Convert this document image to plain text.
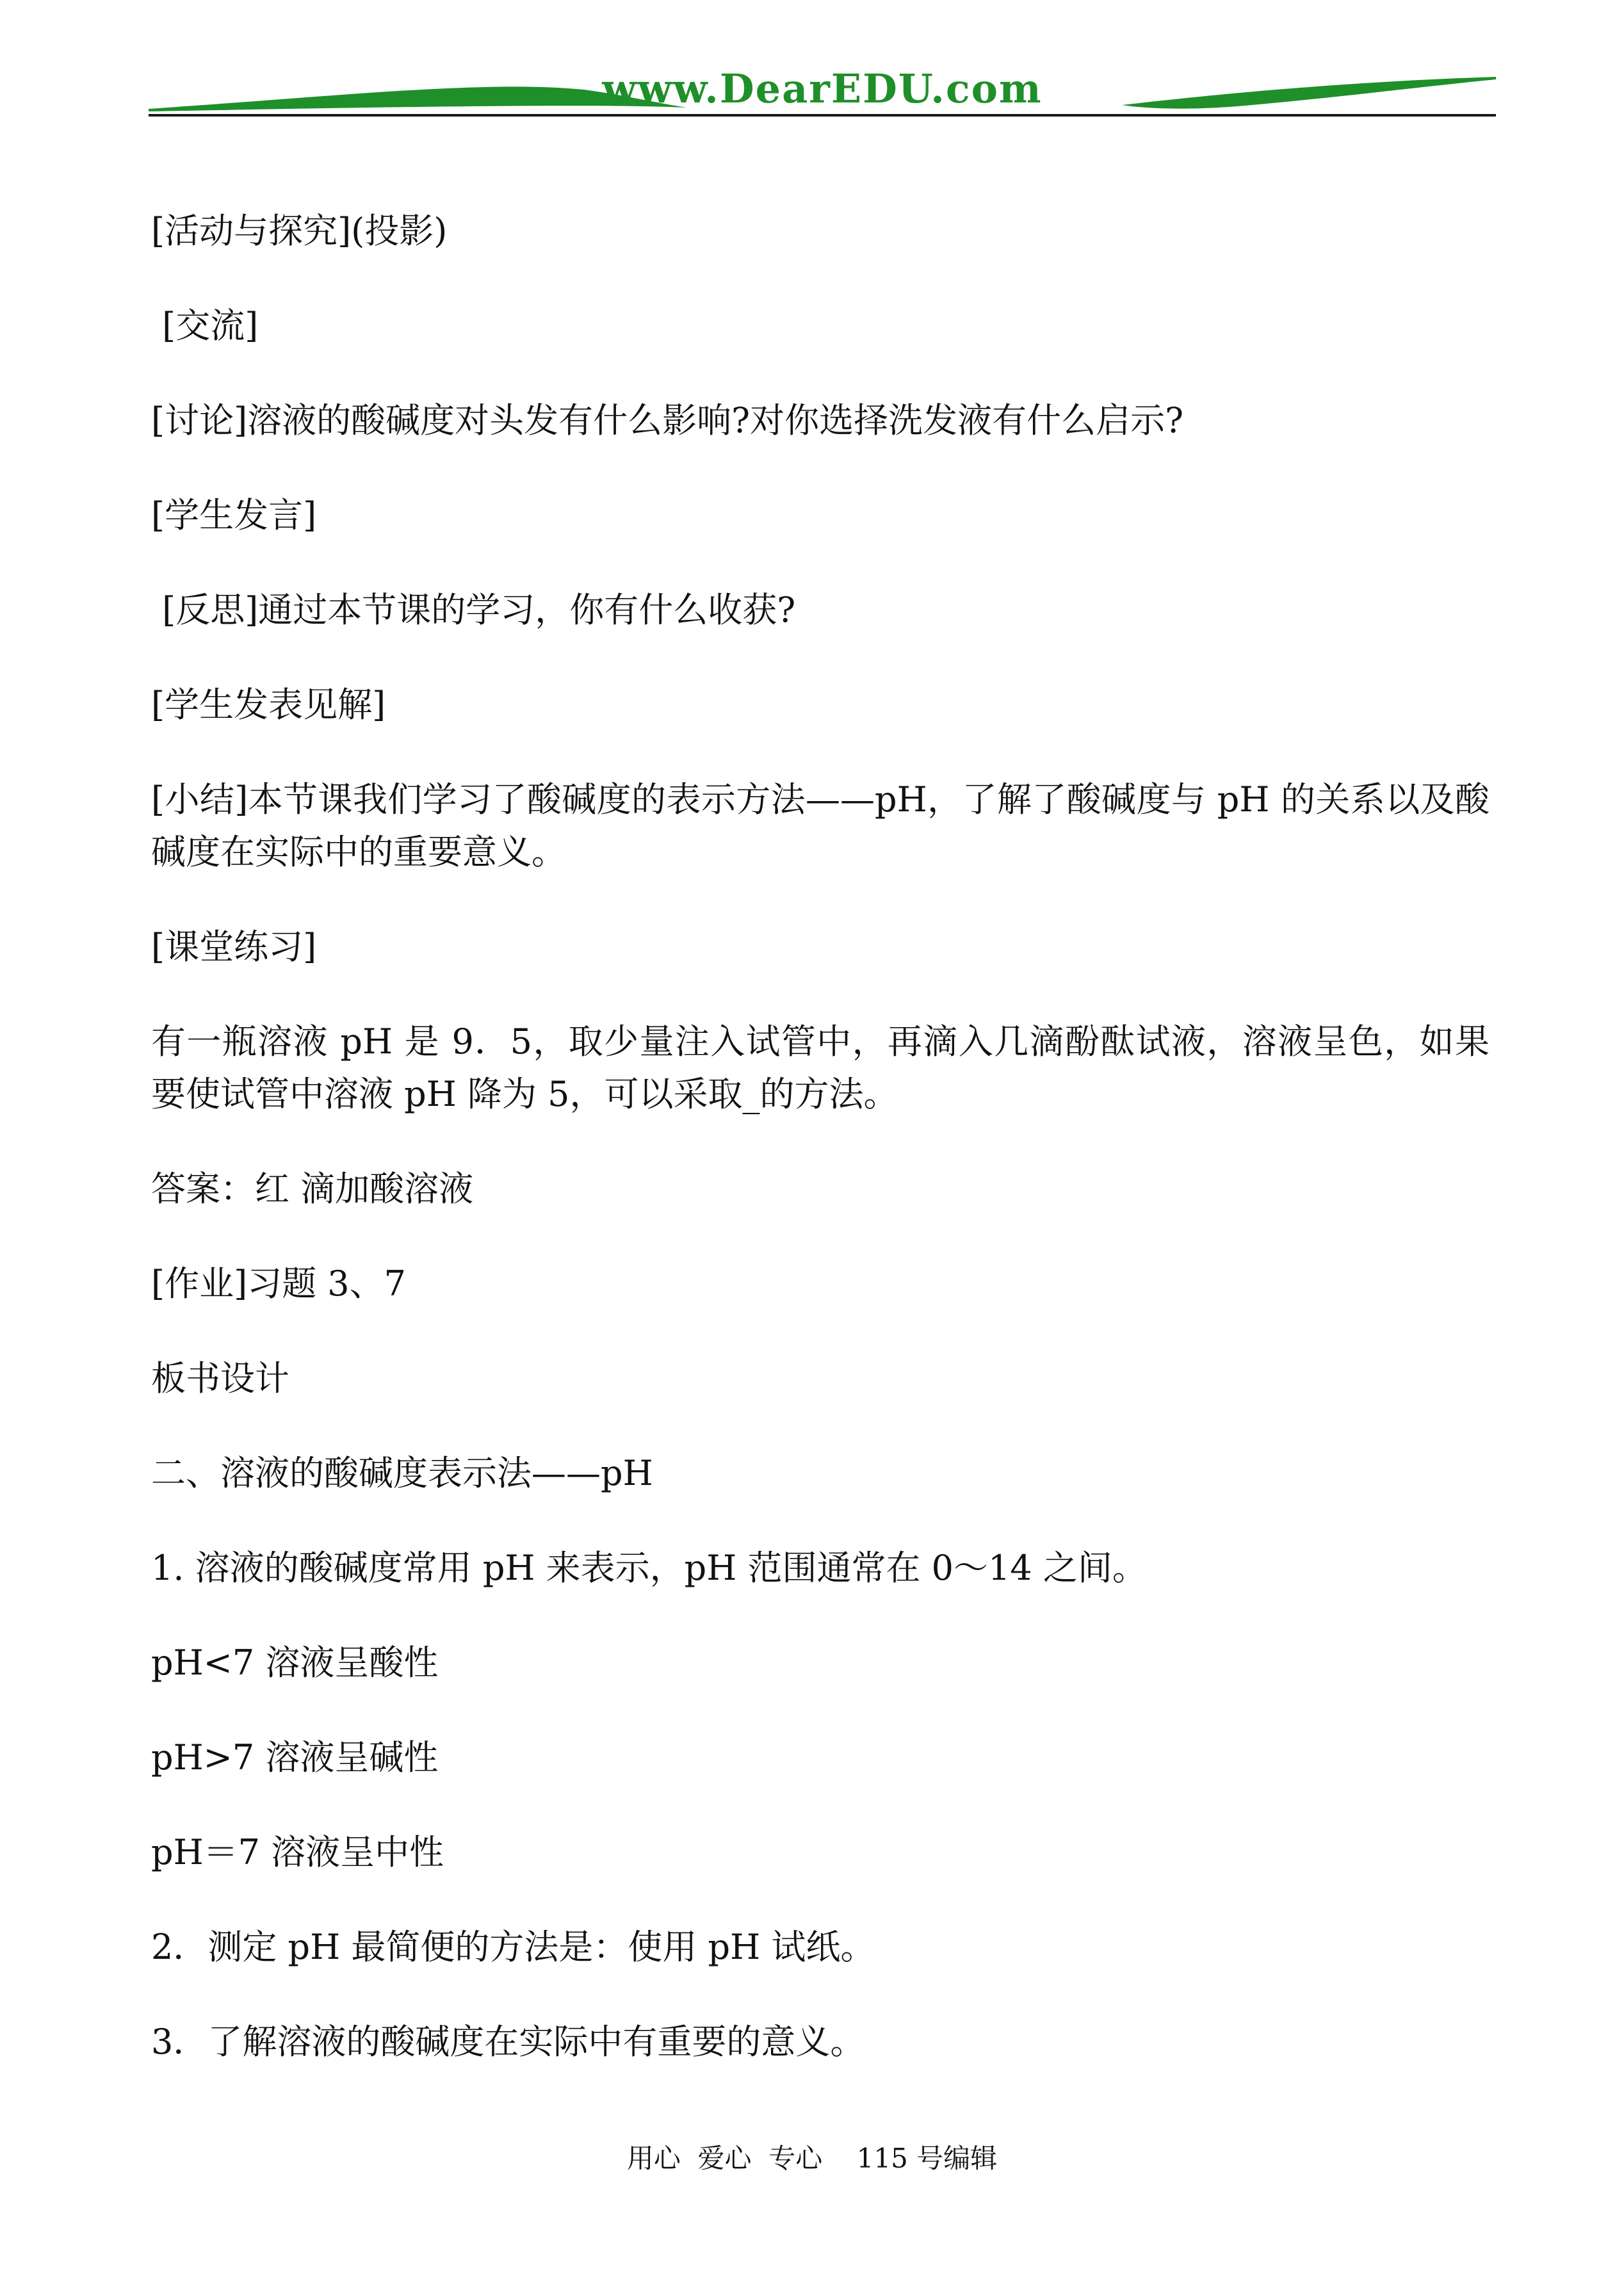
www.DearEDU.com

[活动与探究](投影)

[交流]

[讨论]溶液的酸碱度对头发有什么影响?对你选择洗发液有什么启示?

[学生发言]

[反思]通过本节课的学习，你有什么收获?

[学生发表见解]

[小结]本节课我们学习了酸碱度的表示方法——pH，了解了酸碱度与 pH 的关系以及酸碱度在实际中的重要意义。

[课堂练习]

有一瓶溶液 pH 是 9．5，取少量注入试管中，再滴入几滴酚酞试液，溶液呈色，如果要使试管中溶液 pH 降为 5，可以采取_的方法。

答案：红 滴加酸溶液

[作业]习题 3、7

板书设计

二、溶液的酸碱度表示法——pH

1. 溶液的酸碱度常用 pH 来表示，pH 范围通常在 0～14 之间。

pH<7 溶液呈酸性

pH>7 溶液呈碱性

pH＝7 溶液呈中性

2．测定 pH 最简便的方法是：使用 pH 试纸。

3．了解溶液的酸碱度在实际中有重要的意义。

用心  爱心  专心    115 号编辑
